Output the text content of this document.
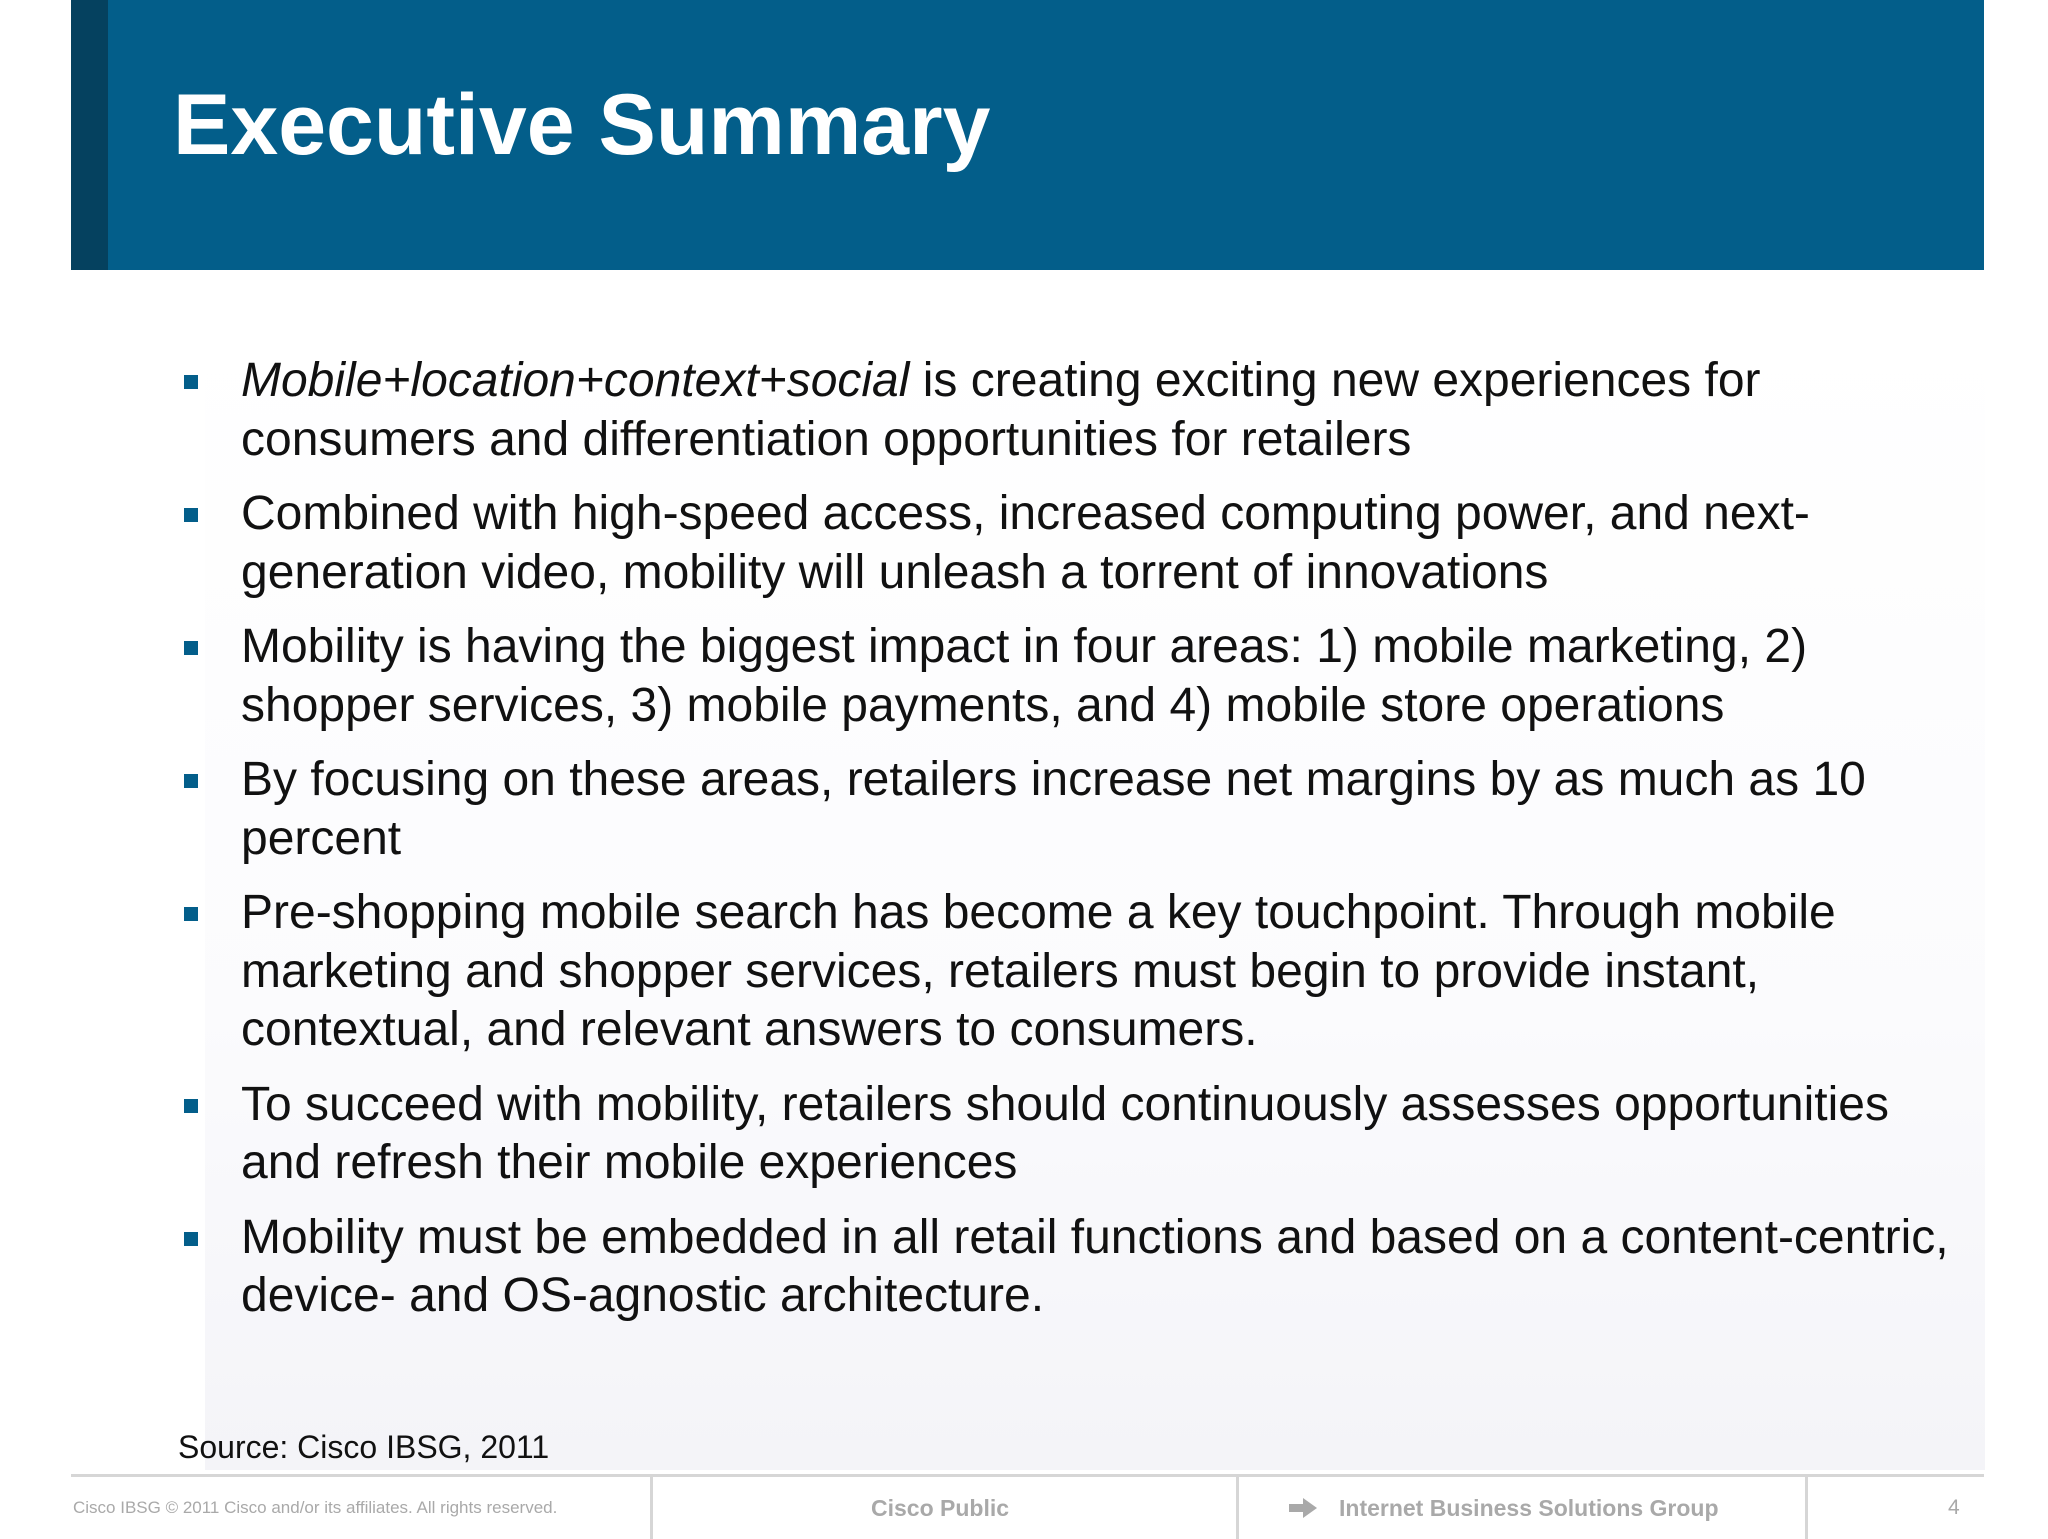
Executive Summary
Mobile+location+context+social is creating exciting new experiences for consumers and differentiation opportunities for retailers
Combined with high-speed access, increased computing power, and next-generation video, mobility will unleash a torrent of innovations
Mobility is having the biggest impact in four areas: 1) mobile marketing, 2) shopper services, 3) mobile payments, and 4) mobile store operations
By focusing on these areas, retailers increase net margins by as much as 10 percent
Pre-shopping mobile search has become a key touchpoint. Through mobile marketing and shopper services, retailers must begin to provide instant, contextual, and relevant answers to consumers.
To succeed with mobility, retailers should continuously assesses opportunities and refresh their mobile experiences
Mobility must be embedded in all retail functions and based on a content-centric, device- and OS-agnostic architecture.
Source: Cisco IBSG, 2011
Cisco IBSG © 2011 Cisco and/or its affiliates. All rights reserved.	Cisco Public	Internet Business Solutions Group	4
